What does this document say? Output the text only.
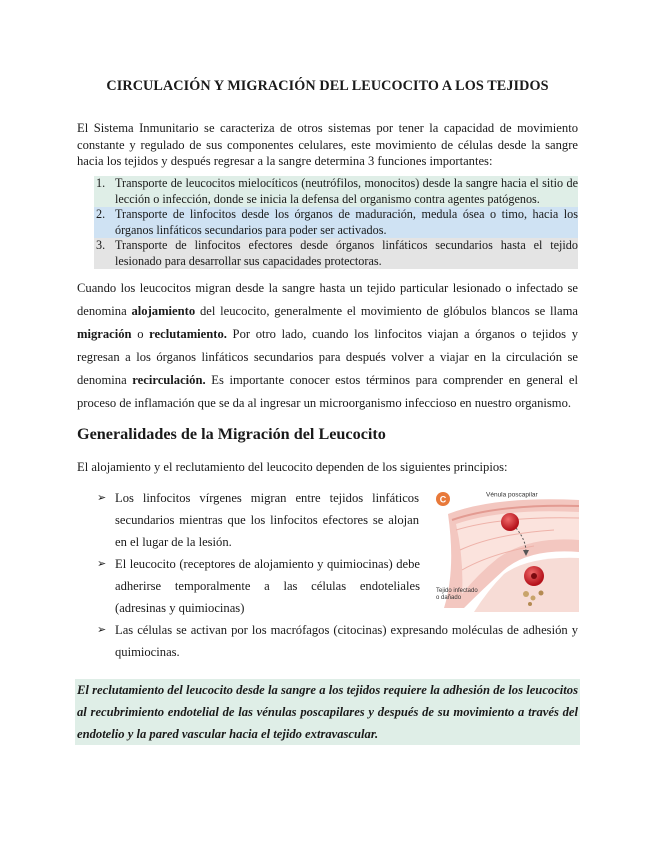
CIRCULACIÓN Y MIGRACIÓN DEL LEUCOCITO A LOS TEJIDOS
El Sistema Inmunitario se caracteriza de otros sistemas por tener la capacidad de movimiento constante y regulado de sus componentes celulares, este movimiento de células desde la sangre hacia los tejidos y después regresar a la sangre determina 3 funciones importantes:
1. Transporte de leucocitos mielocíticos (neutrófilos, monocitos) desde la sangre hacia el sitio de lección o infección, donde se inicia la defensa del organismo contra agentes patógenos.
2. Transporte de linfocitos desde los órganos de maduración, medula ósea o timo, hacia los órganos linfáticos secundarios para poder ser activados.
3. Transporte de linfocitos efectores desde órganos linfáticos secundarios hasta el tejido lesionado para desarrollar sus capacidades protectoras.
Cuando los leucocitos migran desde la sangre hasta un tejido particular lesionado o infectado se denomina alojamiento del leucocito, generalmente el movimiento de glóbulos blancos se llama migración o reclutamiento. Por otro lado, cuando los linfocitos viajan a órganos o tejidos y regresan a los órganos linfáticos secundarios para después volver a viajar en la circulación se denomina recirculación. Es importante conocer estos términos para comprender en general el proceso de inflamación que se da al ingresar un microorganismo infeccioso en nuestro organismo.
Generalidades de la Migración del Leucocito
El alojamiento y el reclutamiento del leucocito dependen de los siguientes principios:
➢ Los linfocitos vírgenes migran entre tejidos linfáticos secundarios mientras que los linfocitos efectores se alojan en el lugar de la lesión.
➢ El leucocito (receptores de alojamiento y quimiocinas) debe adherirse temporalmente a las células endoteliales (adresinas y quimiocinas)
➢ Las células se activan por los macrófagos (citocinas) expresando moléculas de adhesión y quimiocinas.
C	Vénula poscapilar
Tejido infectado
o dañado
El reclutamiento del leucocito desde la sangre a los tejidos requiere la adhesión de los leucocitos al recubrimiento endotelial de las vénulas poscapilares y después de su movimiento a través del endotelio y la pared vascular hacia el tejido extravascular.
